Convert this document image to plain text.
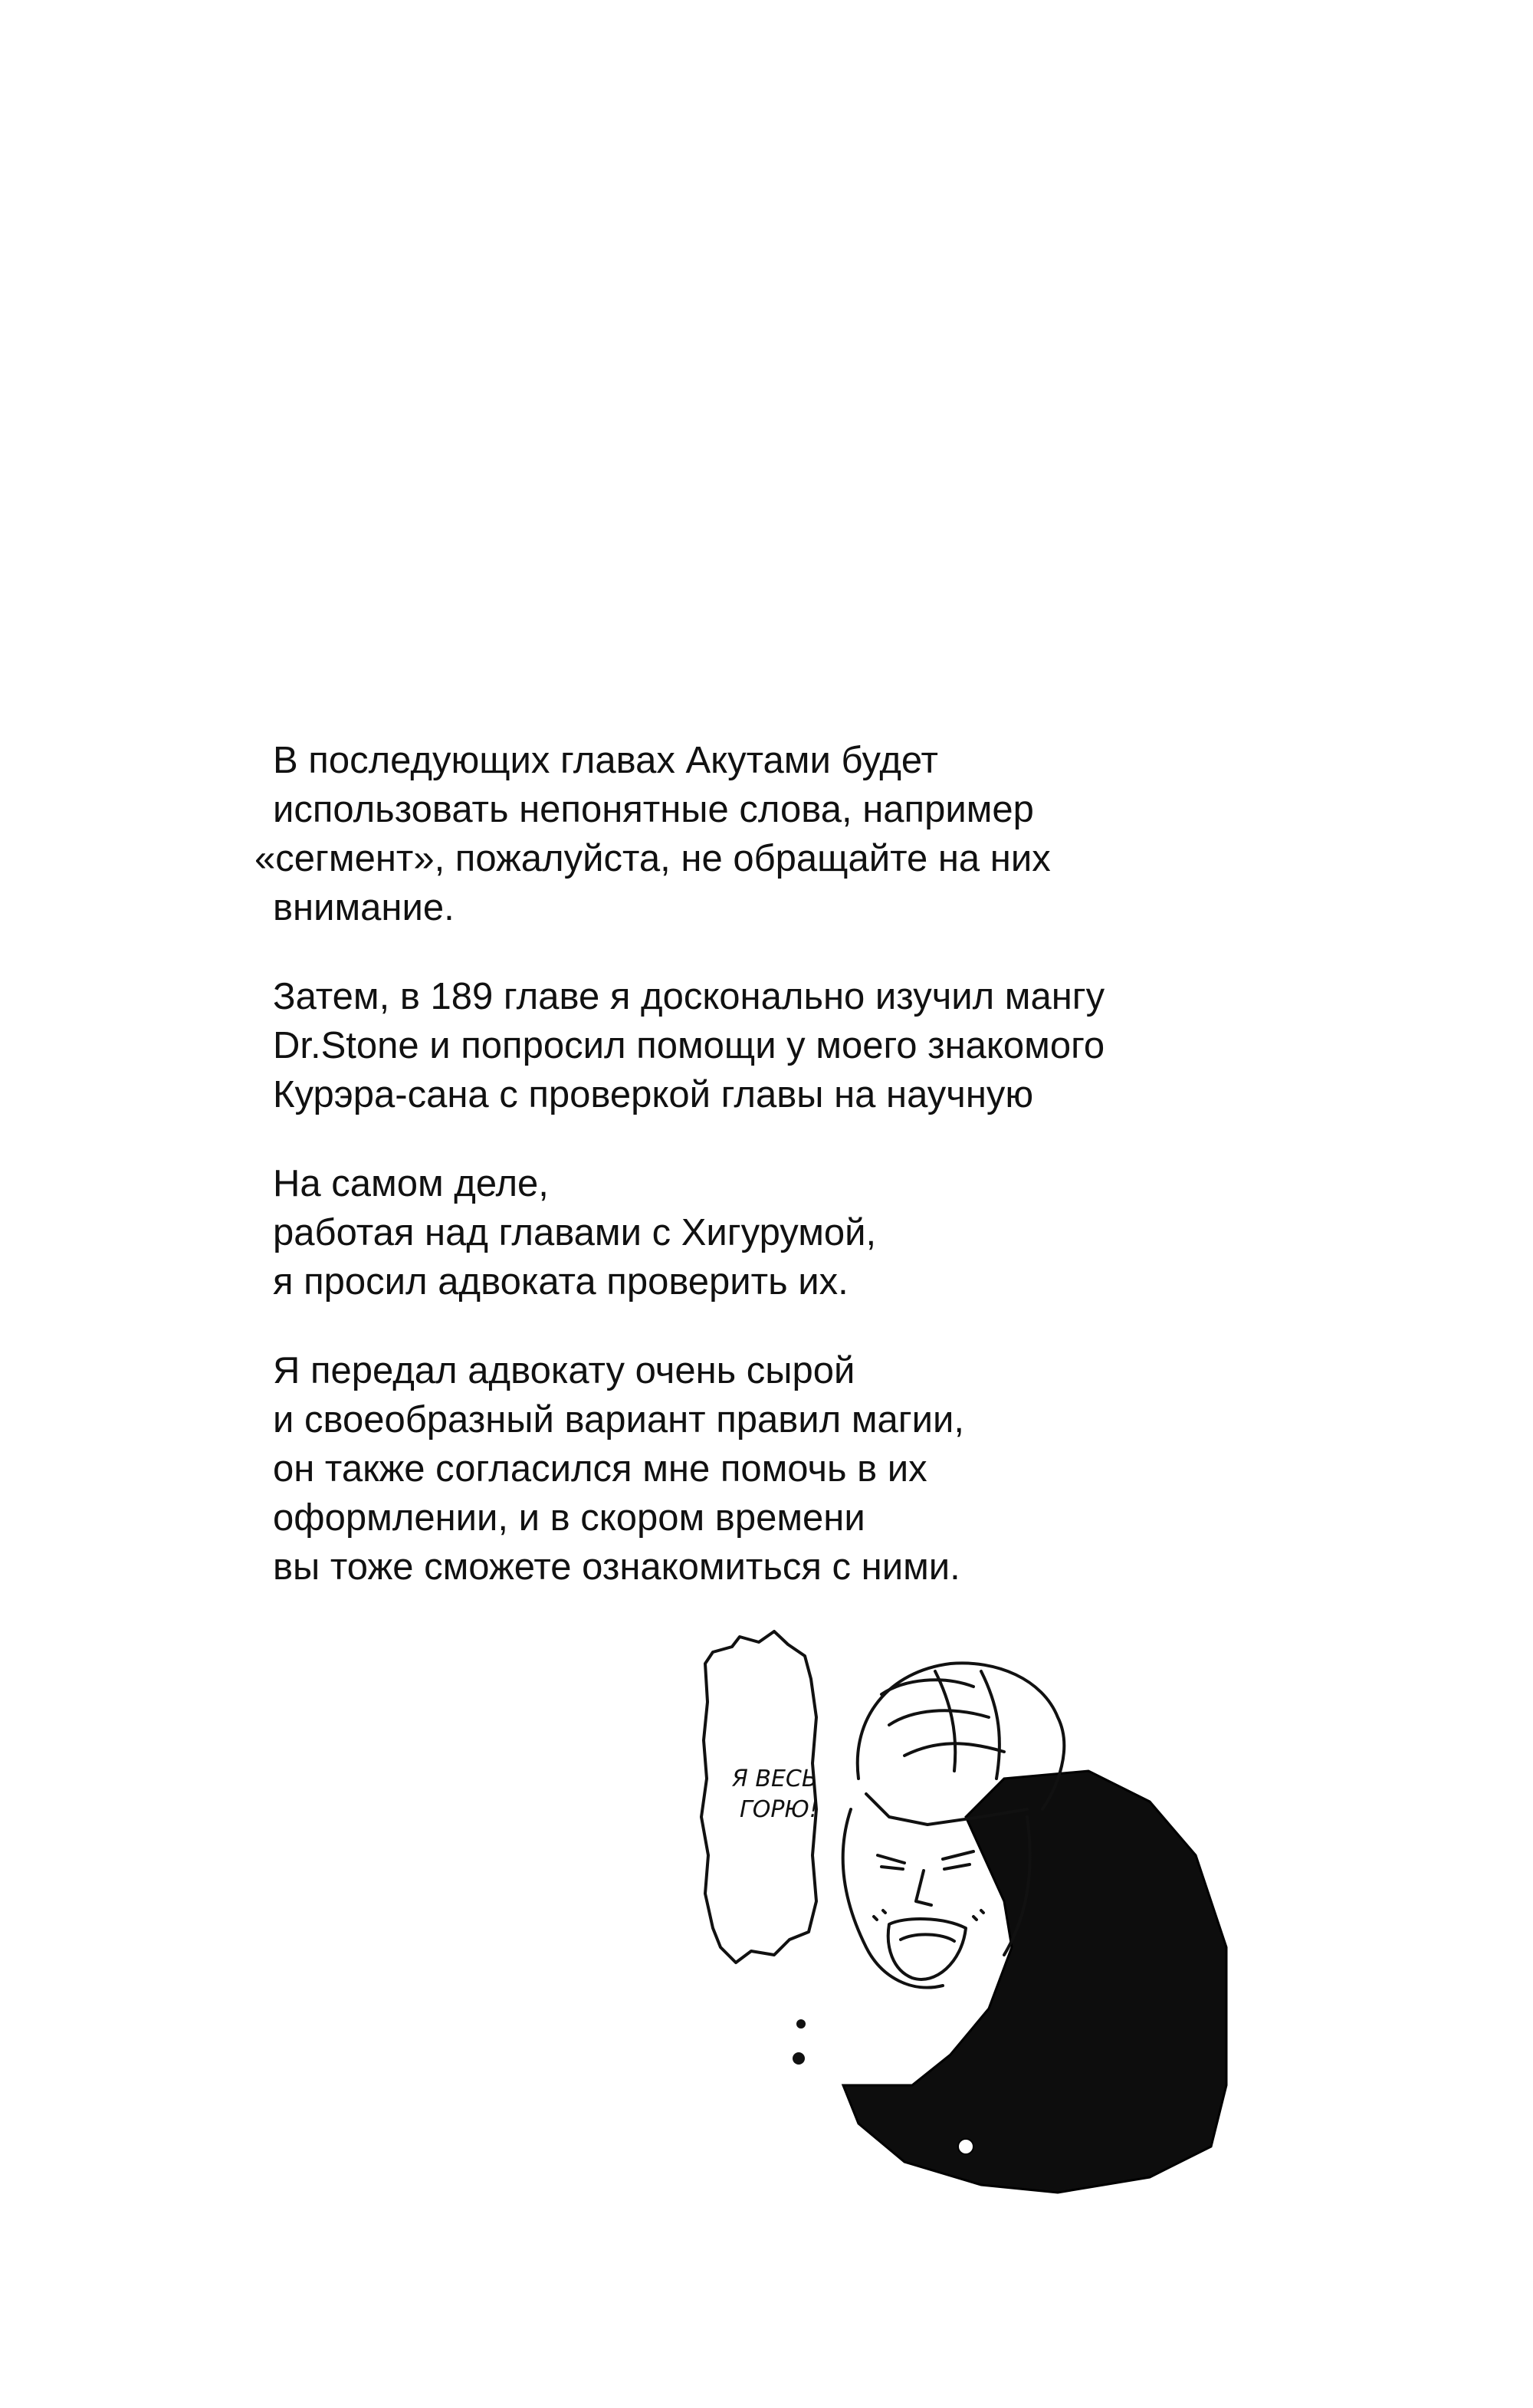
В последующих главах Акутами будет
использовать непонятные слова, например
«сегмент», пожалуйста, не обращайте на них
внимание.

Затем, в 189 главе я досконально изучил мангу
Dr.Stone и попросил помощи у моего знакомого
Курэра-сана с проверкой главы на научную

На самом деле,
работая над главами с Хигурумой,
я просил адвоката проверить их.

Я передал адвокату очень сырой
и своеобразный вариант правил магии,
он также согласился мне помочь в их
оформлении, и в скором времени
вы тоже сможете ознакомиться с ними.

Я ВЕСЬ
ГОРЮ!
